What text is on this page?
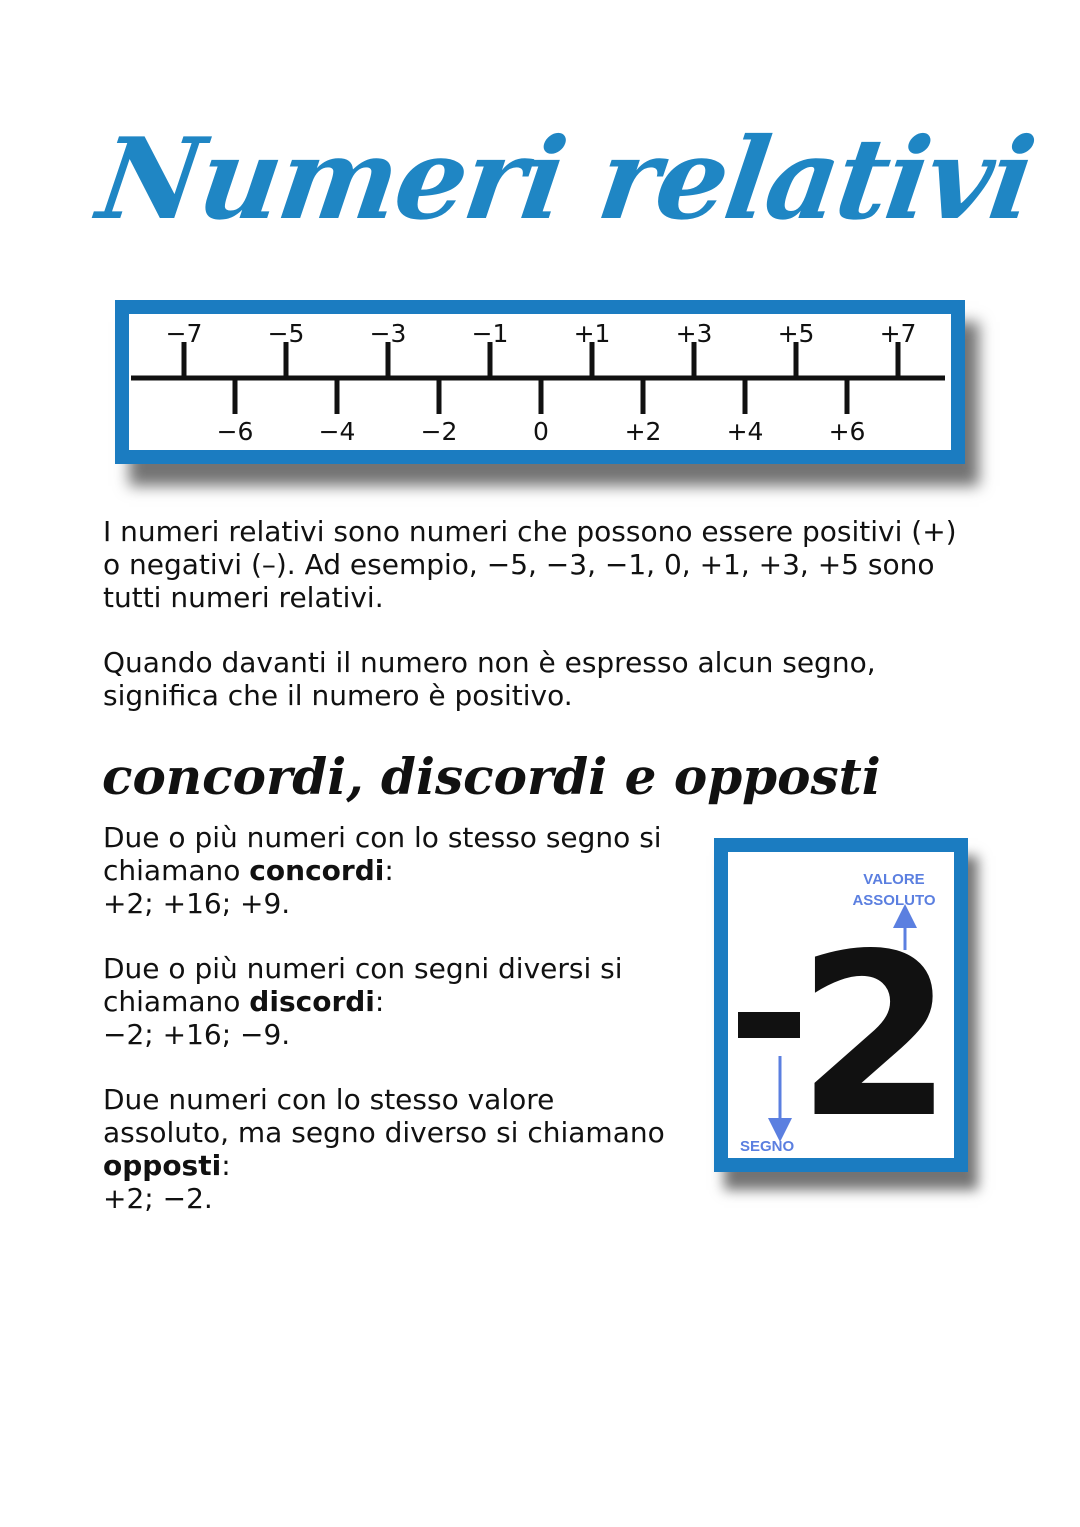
Numeri relativi
−7	−5	−3	−1	+1	+3	+5	+7
−6	−4	−2	0	+2	+4	+6

I numeri relativi sono numeri che possono essere positivi (+)
o negativi (–). Ad esempio, −5, −3, −1, 0, +1, +3, +5 sono
tutti numeri relativi.

Quando davanti il numero non è espresso alcun segno,
significa che il numero è positivo.

concordi, discordi e opposti
Due o più numeri con lo stesso segno si
chiamano concordi:
+2; +16; +9.
Due o più numeri con segni diversi si
chiamano discordi:
−2; +16; −9.
Due numeri con lo stesso valore
assoluto, ma segno diverso si chiamano
opposti:
+2; −2.
VALORE
ASSOLUTO
2
SEGNO
